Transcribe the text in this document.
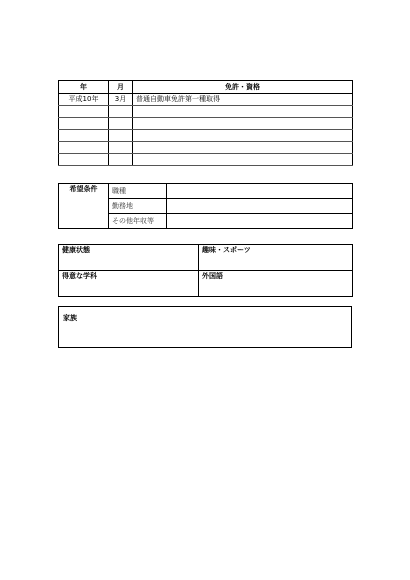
年	月	免許・資格
平成10年	3月	普通自動車免許第一種取得

希望条件	職種	
	勤務地	
	その他年収等	
健康状態	趣味・スポーツ
得意な学科	外国語
家族
